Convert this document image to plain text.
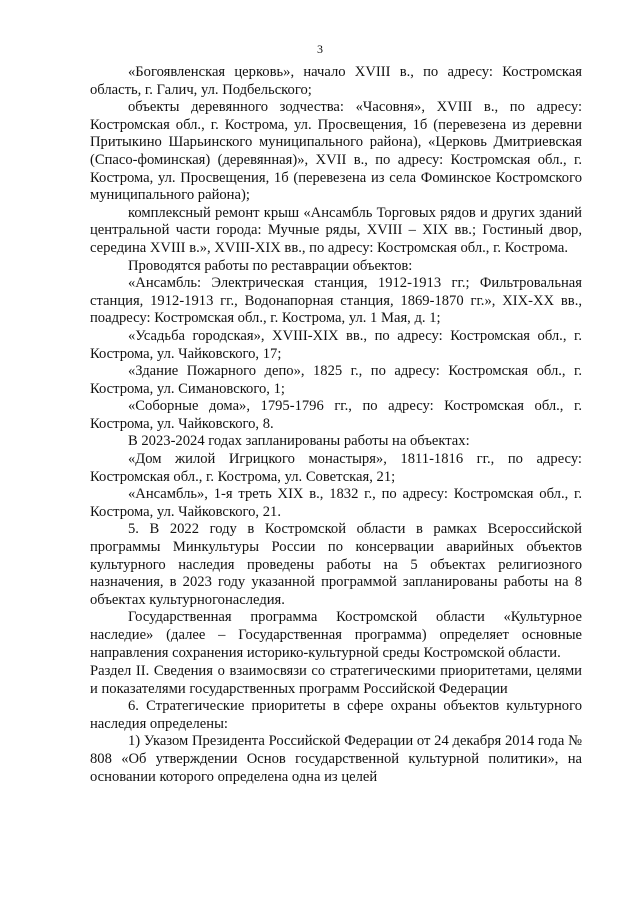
3

«Богоявленская церковь», начало XVIII в., по адресу: Костромская область, г. Галич, ул. Подбельского;

объекты деревянного зодчества: «Часовня», XVIII в., по адресу: Костромская обл., г. Кострома, ул. Просвещения, 1б (перевезена из деревни Притыкино Шарьинского муниципального района), «Церковь Дмитриевская (Спасо-фоминская) (деревянная)», XVII в., по адресу: Костромская обл., г. Кострома, ул. Просвещения, 1б (перевезена из села Фоминское Костромского муниципального района);

комплексный ремонт крыш «Ансамбль Торговых рядов и других зданий центральной части города: Мучные ряды, XVIII – XIX вв.; Гостиный двор, середина XVIII в.», XVIII-XIX вв., по адресу: Костромская обл., г. Кострома.

Проводятся работы по реставрации объектов:

«Ансамбль: Электрическая станция, 1912-1913 гг.; Фильтровальная станция, 1912-1913 гг., Водонапорная станция, 1869-1870 гг.», XIX-XX вв., поадресу: Костромская обл., г. Кострома, ул. 1 Мая, д. 1;

«Усадьба городская», XVIII-XIX вв., по адресу: Костромская обл., г. Кострома, ул. Чайковского, 17;

«Здание Пожарного депо», 1825 г., по адресу: Костромская обл., г. Кострома, ул. Симановского, 1;

«Соборные дома», 1795-1796 гг., по адресу: Костромская обл., г. Кострома, ул. Чайковского, 8.

В 2023-2024 годах запланированы работы на объектах:

«Дом жилой Игрицкого монастыря», 1811-1816 гг., по адресу: Костромская обл., г. Кострома, ул. Советская, 21;

«Ансамбль», 1-я треть XIX в., 1832 г., по адресу: Костромская обл., г. Кострома, ул. Чайковского, 21.

5. В 2022 году в Костромской области в рамках Всероссийской программы Минкультуры России по консервации аварийных объектов культурного наследия проведены работы на 5 объектах религиозного назначения, в 2023 году указанной программой запланированы работы на 8 объектах культурногонаследия.

Государственная программа Костромской области «Культурное наследие» (далее – Государственная программа) определяет основные направления сохранения историко-культурной среды Костромской области.

Раздел II. Сведения о взаимосвязи со стратегическими приоритетами, целями и показателями государственных программ Российской Федерации

6. Стратегические приоритеты в сфере охраны объектов культурного наследия определены:

1) Указом Президента Российской Федерации от 24 декабря 2014 года № 808 «Об утверждении Основ государственной культурной политики», на основании которого определена одна из целей
